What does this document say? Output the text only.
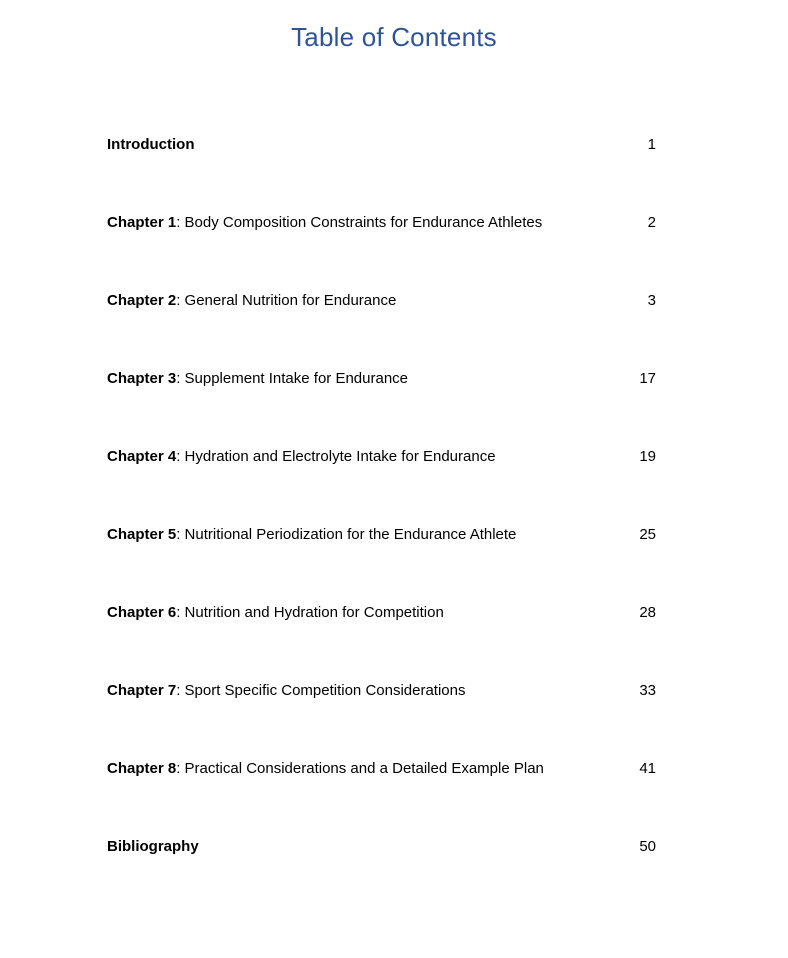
Table of Contents
Introduction	1
Chapter 1: Body Composition Constraints for Endurance Athletes	2
Chapter 2: General Nutrition for Endurance	3
Chapter 3: Supplement Intake for Endurance	17
Chapter 4: Hydration and Electrolyte Intake for Endurance	19
Chapter 5: Nutritional Periodization for the Endurance Athlete	25
Chapter 6: Nutrition and Hydration for Competition	28
Chapter 7: Sport Specific Competition Considerations	33
Chapter 8: Practical Considerations and a Detailed Example Plan	41
Bibliography	50
